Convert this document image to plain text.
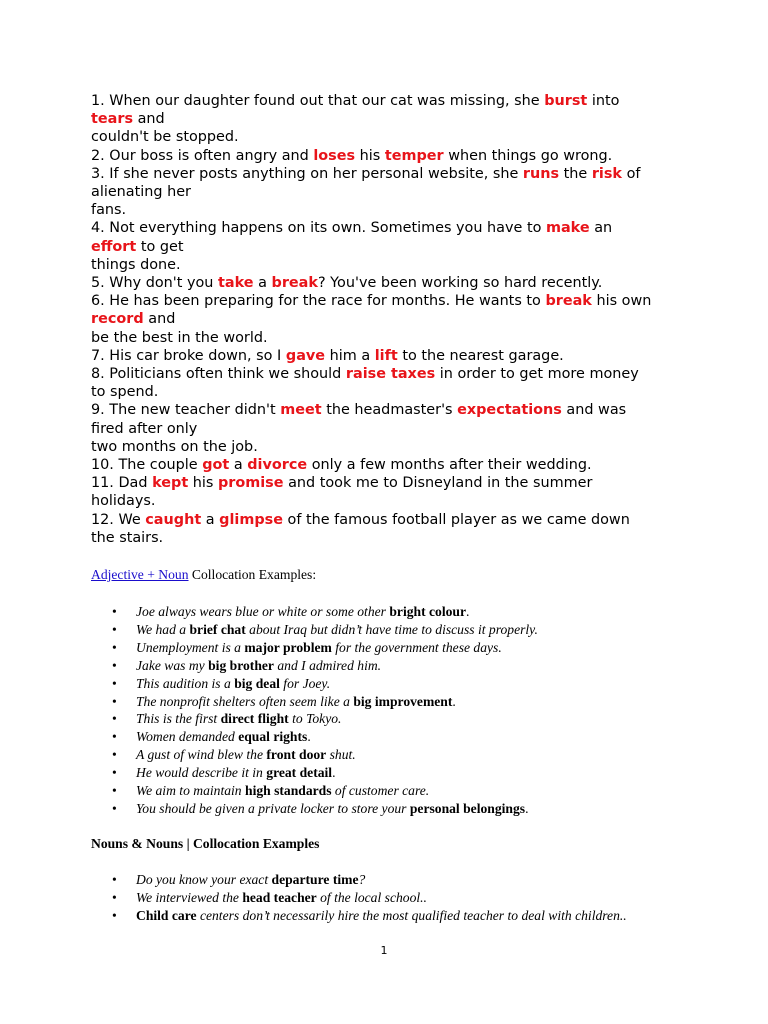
1. When our daughter found out that our cat was missing, she burst into
tears and
couldn't be stopped.
2. Our boss is often angry and loses his temper when things go wrong.
3. If she never posts anything on her personal website, she runs the risk of
alienating her
fans.
4. Not everything happens on its own. Sometimes you have to make an
effort to get
things done.
5. Why don't you take a break? You've been working so hard recently.
6. He has been preparing for the race for months. He wants to break his own
record and
be the best in the world.
7. His car broke down, so I gave him a lift to the nearest garage.
8. Politicians often think we should raise taxes in order to get more money
to spend.
9. The new teacher didn't meet the headmaster's expectations and was
fired after only
two months on the job.
10. The couple got a divorce only a few months after their wedding.
11. Dad kept his promise and took me to Disneyland in the summer
holidays.
12. We caught a glimpse of the famous football player as we came down
the stairs.
Adjective + Noun Collocation Examples:
• Joe always wears blue or white or some other bright colour.
• We had a brief chat about Iraq but didn’t have time to discuss it properly.
• Unemployment is a major problem for the government these days.
• Jake was my big brother and I admired him.
• This audition is a big deal for Joey.
• The nonprofit shelters often seem like a big improvement.
• This is the first direct flight to Tokyo.
• Women demanded equal rights.
• A gust of wind blew the front door shut.
• He would describe it in great detail.
• We aim to maintain high standards of customer care.
• You should be given a private locker to store your personal belongings.
Nouns & Nouns | Collocation Examples
• Do you know your exact departure time?
• We interviewed the head teacher of the local school..
• Child care centers don’t necessarily hire the most qualified teacher to deal with children..
1
